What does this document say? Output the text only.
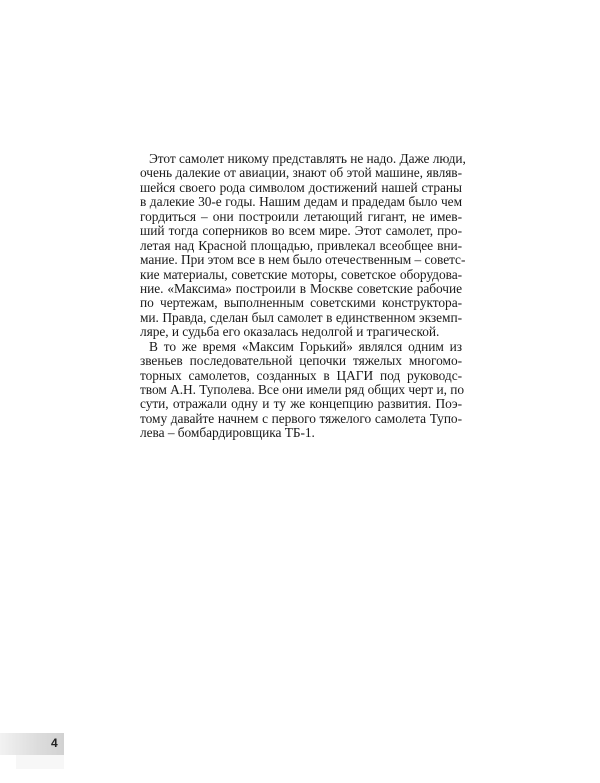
Этот самолет никому представлять не надо. Даже люди,
очень далекие от авиации, знают об этой машине, являв-
шейся своего рода символом достижений нашей страны
в далекие 30-е годы. Нашим дедам и прадедам было чем
гордиться – они построили летающий гигант, не имев-
ший тогда соперников во всем мире. Этот самолет, про-
летая над Красной площадью, привлекал всеобщее вни-
мание. При этом все в нем было отечественным – советс-
кие материалы, советские моторы, советское оборудова-
ние. «Максима» построили в Москве советские рабочие
по чертежам, выполненным советскими конструктора-
ми. Правда, сделан был самолет в единственном экземп-
ляре, и судьба его оказалась недолгой и трагической.
В то же время «Максим Горький» являлся одним из
звеньев последовательной цепочки тяжелых многомо-
торных самолетов, созданных в ЦАГИ под руководс-
твом А.Н. Туполева. Все они имели ряд общих черт и, по
сути, отражали одну и ту же концепцию развития. Поэ-
тому давайте начнем с первого тяжелого самолета Тупо-
лева – бомбардировщика ТБ-1.
4
